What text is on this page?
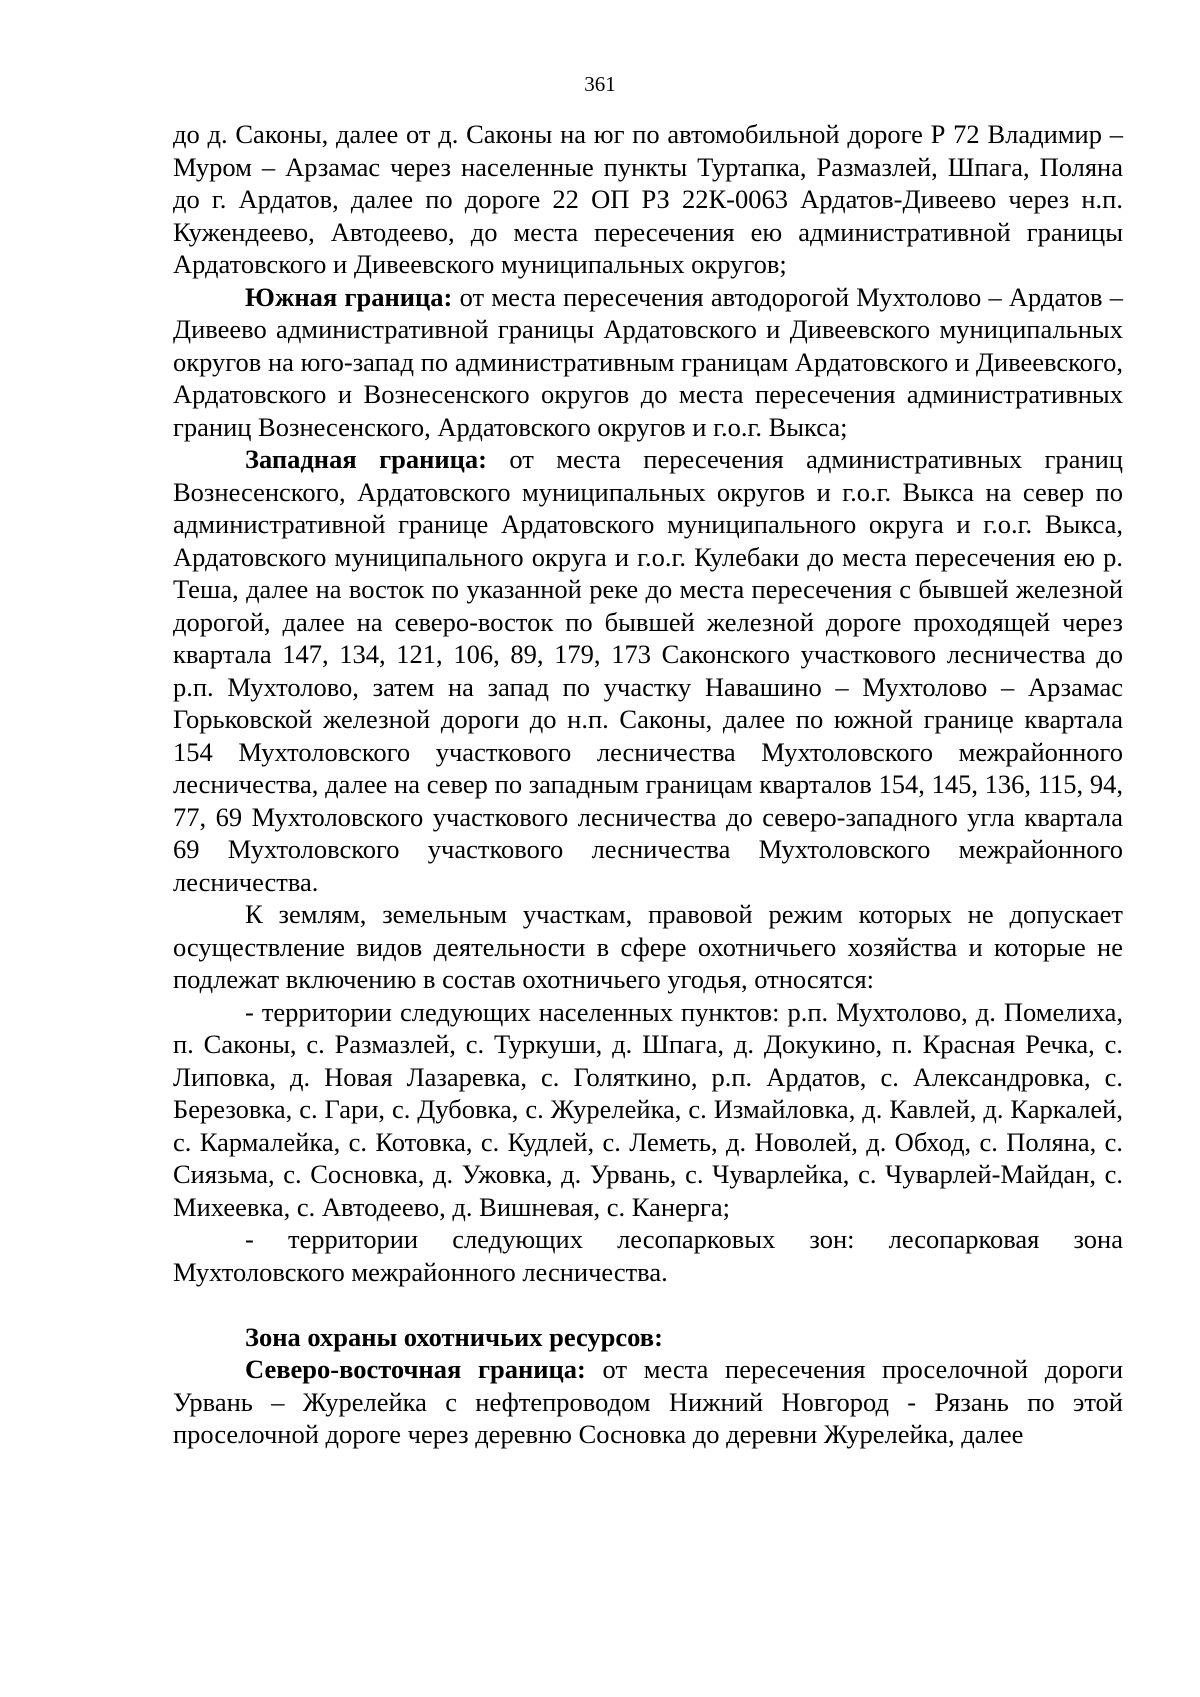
361

до д. Саконы, далее от д. Саконы на юг по автомобильной дороге Р 72 Владимир – Муром – Арзамас через населенные пункты Туртапка, Размазлей, Шпага, Поляна до г. Ардатов, далее по дороге 22 ОП РЗ 22К-0063 Ардатов-Дивеево через н.п. Кужендеево, Автодеево, до места пересечения ею административной границы Ардатовского и Дивеевского муниципальных округов;

Южная граница: от места пересечения автодорогой Мухтолово – Ардатов – Дивеево административной границы Ардатовского и Дивеевского муниципальных округов на юго-запад по административным границам Ардатовского и Дивеевского, Ардатовского и Вознесенского округов до места пересечения административных границ Вознесенского, Ардатовского округов и г.о.г. Выкса;

Западная граница: от места пересечения административных границ Вознесенского, Ардатовского муниципальных округов и г.о.г. Выкса на север по административной границе Ардатовского муниципального округа и г.о.г. Выкса, Ардатовского муниципального округа и г.о.г. Кулебаки до места пересечения ею р. Теша, далее на восток по указанной реке до места пересечения с бывшей железной дорогой, далее на северо-восток по бывшей железной дороге проходящей через квартала 147, 134, 121, 106, 89, 179, 173 Саконского участкового лесничества до р.п. Мухтолово, затем на запад по участку Навашино – Мухтолово – Арзамас Горьковской железной дороги до н.п. Саконы, далее по южной границе квартала 154 Мухтоловского участкового лесничества Мухтоловского межрайонного лесничества, далее на север по западным границам кварталов 154, 145, 136, 115, 94, 77, 69 Мухтоловского участкового лесничества до северо-западного угла квартала 69 Мухтоловского участкового лесничества Мухтоловского межрайонного лесничества.

К землям, земельным участкам, правовой режим которых не допускает осуществление видов деятельности в сфере охотничьего хозяйства и которые не подлежат включению в состав охотничьего угодья, относятся:

- территории следующих населенных пунктов: р.п. Мухтолово, д. Помелиха, п. Саконы, с. Размазлей, с. Туркуши, д. Шпага, д. Докукино, п. Красная Речка, с. Липовка, д. Новая Лазаревка, с. Голяткино, р.п. Ардатов, с. Александровка, с. Березовка, с. Гари, с. Дубовка, с. Журелейка, с. Измайловка, д. Кавлей, д. Каркалей, с. Кармалейка, с. Котовка, с. Кудлей, с. Леметь, д. Новолей, д. Обход, с. Поляна, с. Сиязьма, с. Сосновка, д. Ужовка, д. Урвань, с. Чуварлейка, с. Чуварлей-Майдан, с. Михеевка, с. Автодеево, д. Вишневая, с. Канерга;

- территории следующих лесопарковых зон: лесопарковая зона Мухтоловского межрайонного лесничества.

Зона охраны охотничьих ресурсов:

Северо-восточная граница: от места пересечения проселочной дороги Урвань – Журелейка с нефтепроводом Нижний Новгород - Рязань по этой проселочной дороге через деревню Сосновка до деревни Журелейка, далее
